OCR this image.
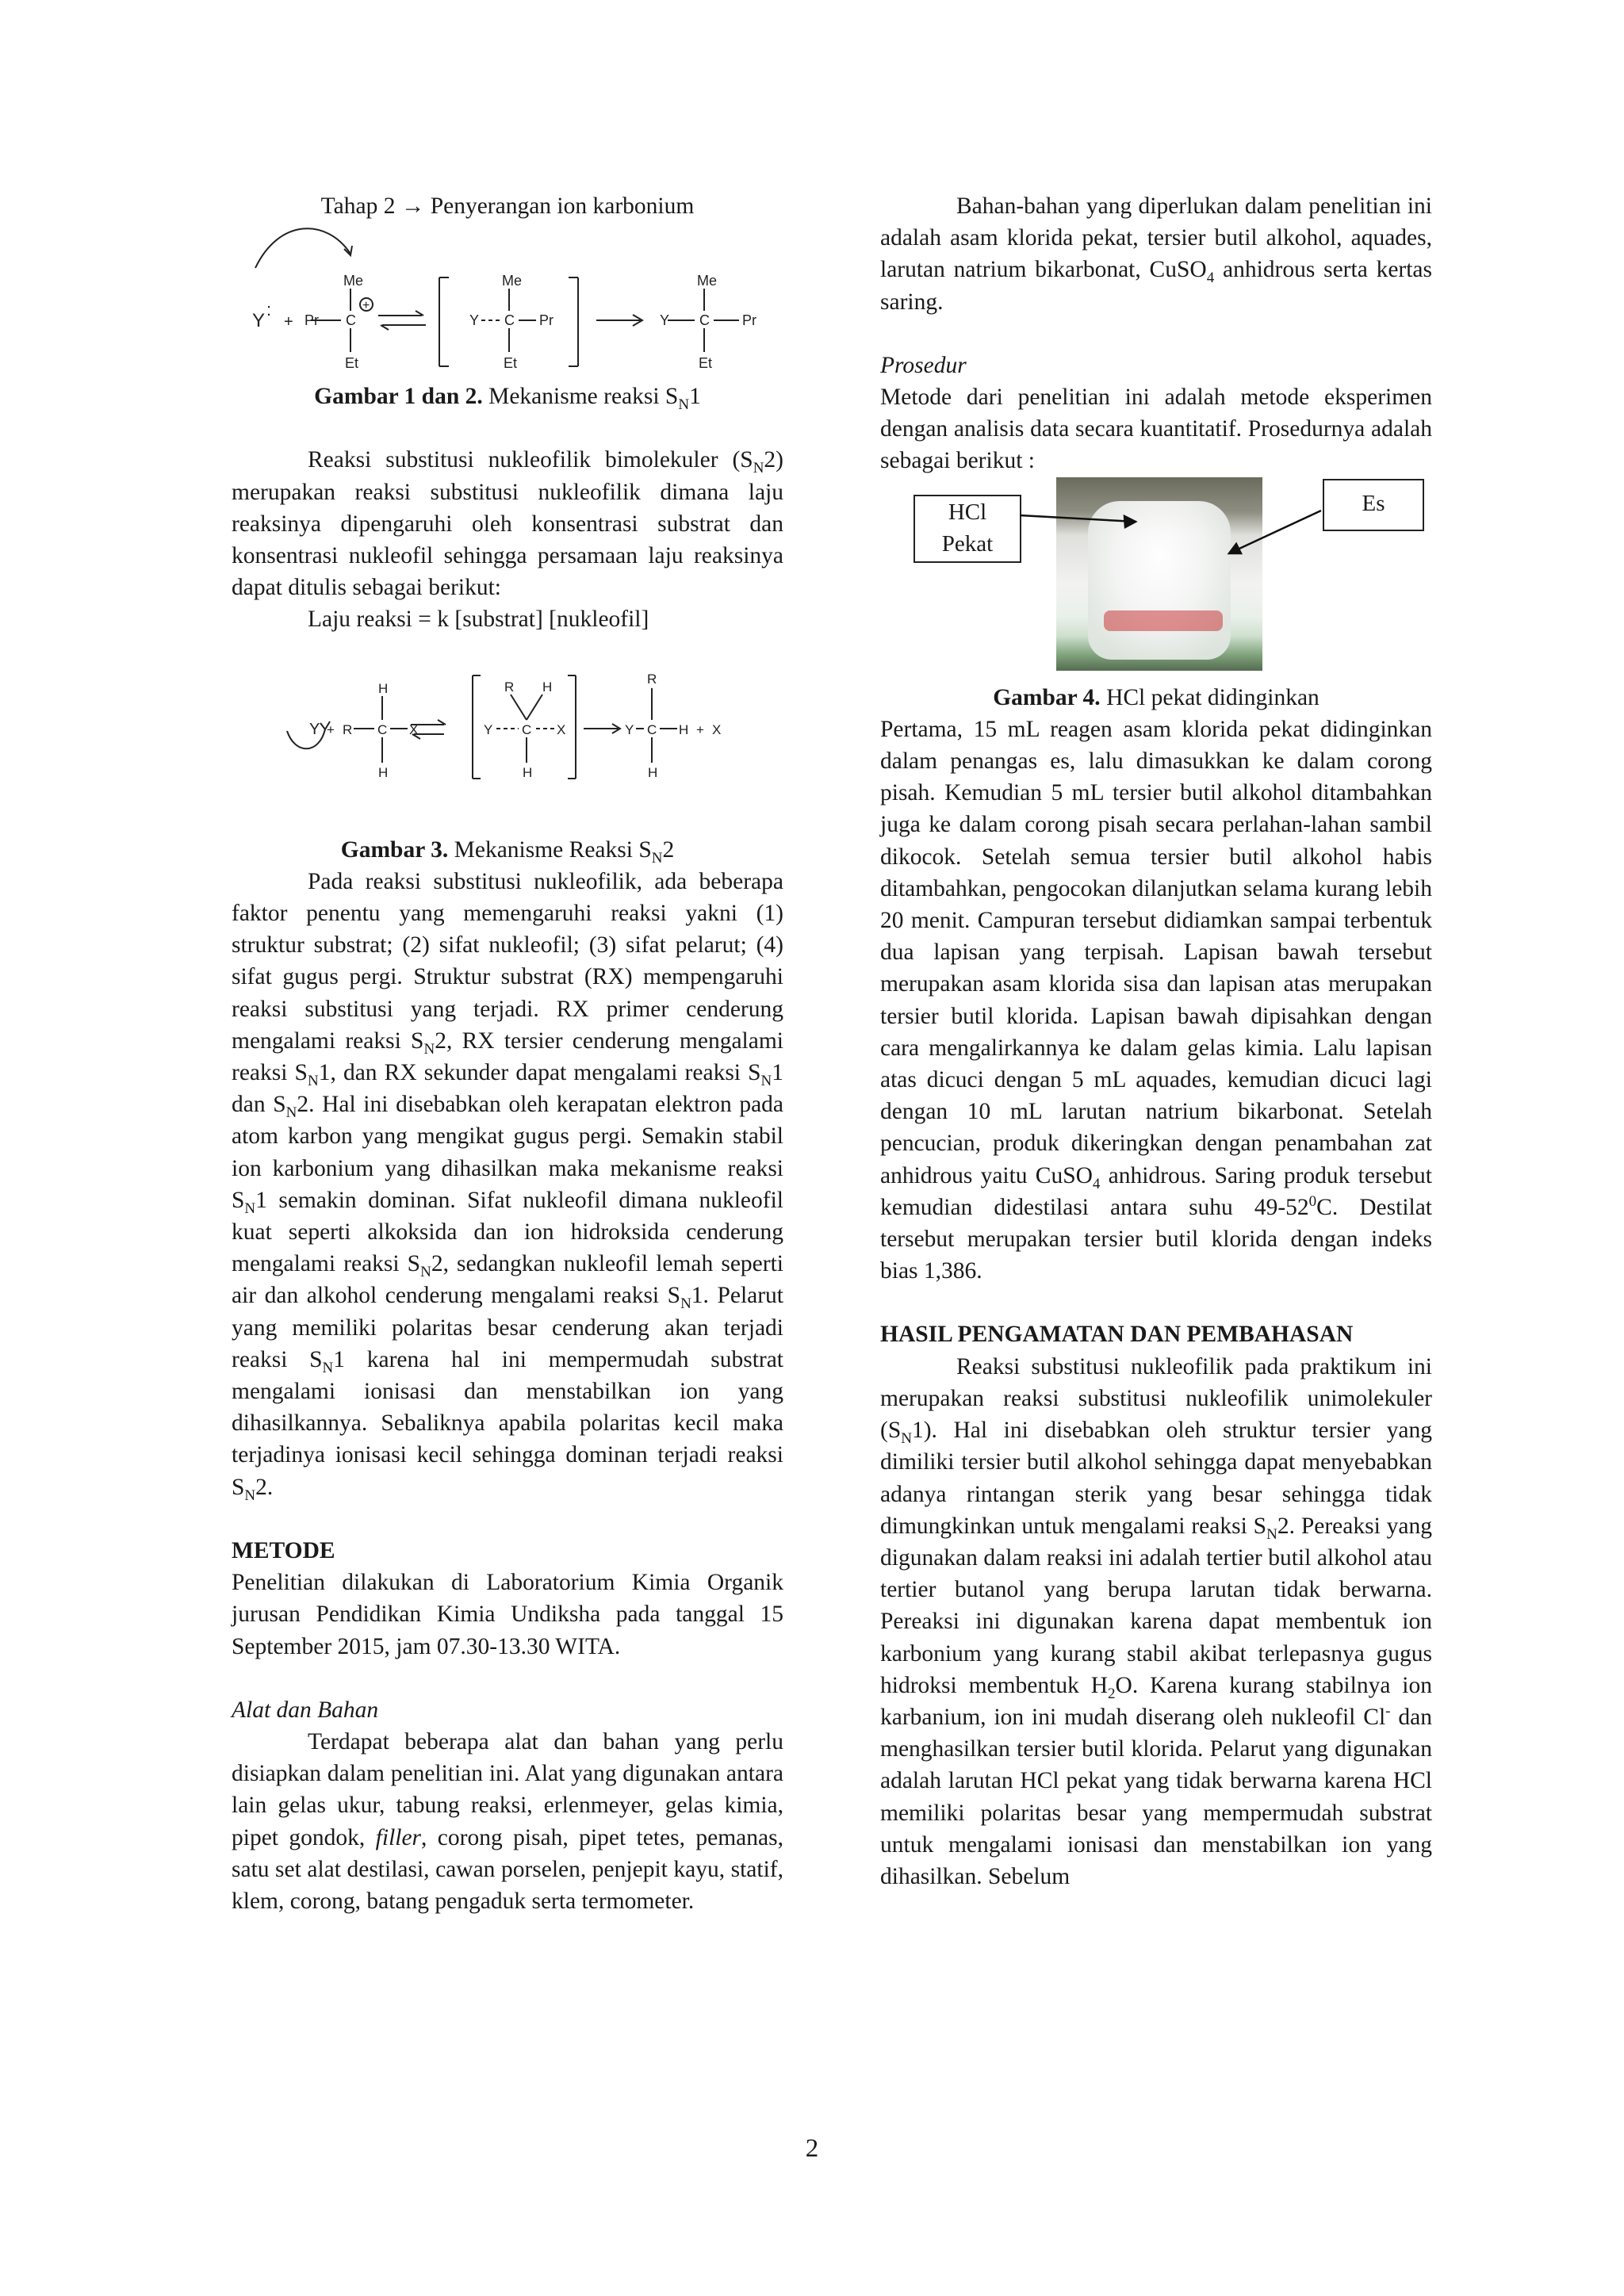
Tahap 2 → Penyerangan ion karbonium

Y
:
+ Pr C
Me
Et
+
Y C
Me
Et
Pr	Y C
Me
Et
Pr

Gambar 1 dan 2. Mekanisme reaksi $S_N1$

Reaksi substitusi nukleofilik bimolekuler $(S_N2)$ merupakan reaksi substitusi nukleofilik dimana laju reaksinya dipengaruhi oleh konsentrasi substrat dan konsentrasi nukleofil sehingga persamaan laju reaksinya dapat ditulis sebagai berikut:

Laju reaksi = k [substrat] [nukleofil]

Y + R C
H
H
X	Y C
R H
H
X	Y C
R
H
H + X

Gambar 3. Mekanisme Reaksi $S_N2$

Pada reaksi substitusi nukleofilik, ada beberapa faktor penentu yang memengaruhi reaksi yakni (1) struktur substrat; (2) sifat nukleofil; (3) sifat pelarut; (4) sifat gugus pergi. Struktur substrat (RX) mempengaruhi reaksi substitusi yang terjadi. RX primer cenderung mengalami reaksi $S_N2$, RX tersier cenderung mengalami reaksi $S_N1$, dan RX sekunder dapat mengalami reaksi $S_N1$ dan $S_N2$. Hal ini disebabkan oleh kerapatan elektron pada atom karbon yang mengikat gugus pergi. Semakin stabil ion karbonium yang dihasilkan maka mekanisme reaksi $S_N1$ semakin dominan. Sifat nukleofil dimana nukleofil kuat seperti alkoksida dan ion hidroksida cenderung mengalami reaksi $S_N2$, sedangkan nukleofil lemah seperti air dan alkohol cenderung mengalami reaksi $S_N1$. Pelarut yang memiliki polaritas besar cenderung akan terjadi reaksi $S_N1$ karena hal ini mempermudah substrat mengalami ionisasi dan menstabilkan ion yang dihasilkannya. Sebaliknya apabila polaritas kecil maka terjadinya ionisasi kecil sehingga dominan terjadi reaksi $S_N2$.

METODE

Penelitian dilakukan di Laboratorium Kimia Organik jurusan Pendidikan Kimia Undiksha pada tanggal 15 September 2015, jam 07.30-13.30 WITA.

Alat dan Bahan

Terdapat beberapa alat dan bahan yang perlu disiapkan dalam penelitian ini. Alat yang digunakan antara lain gelas ukur, tabung reaksi, erlenmeyer, gelas kimia, pipet gondok, filler, corong pisah, pipet tetes, pemanas, satu set alat destilasi, cawan porselen, penjepit kayu, statif, klem, corong, batang pengaduk serta termometer.

Bahan-bahan yang diperlukan dalam penelitian ini adalah asam klorida pekat, tersier butil alkohol, aquades, larutan natrium bikarbonat, CuSO$_4$ anhidrous serta kertas saring.

Prosedur

Metode dari penelitian ini adalah metode eksperimen dengan analisis data secara kuantitatif. Prosedurnya adalah sebagai berikut :

HCl
Pekat
Es

Gambar 4. HCl pekat didinginkan

Pertama, 15 mL reagen asam klorida pekat didinginkan dalam penangas es, lalu dimasukkan ke dalam corong pisah. Kemudian 5 mL tersier butil alkohol ditambahkan juga ke dalam corong pisah secara perlahan-lahan sambil dikocok. Setelah semua tersier butil alkohol habis ditambahkan, pengocokan dilanjutkan selama kurang lebih 20 menit. Campuran tersebut didiamkan sampai terbentuk dua lapisan yang terpisah. Lapisan bawah tersebut merupakan asam klorida sisa dan lapisan atas merupakan tersier butil klorida. Lapisan bawah dipisahkan dengan cara mengalirkannya ke dalam gelas kimia. Lalu lapisan atas dicuci dengan 5 mL aquades, kemudian dicuci lagi dengan 10 mL larutan natrium bikarbonat. Setelah pencucian, produk dikeringkan dengan penambahan zat anhidrous yaitu CuSO$_4$ anhidrous. Saring produk tersebut kemudian didestilasi antara suhu $49-52^0C$. Destilat tersebut merupakan tersier butil klorida dengan indeks bias 1,386.

HASIL PENGAMATAN DAN PEMBAHASAN

Reaksi substitusi nukleofilik pada praktikum ini merupakan reaksi substitusi nukleofilik unimolekuler $(S_N1)$. Hal ini disebabkan oleh struktur tersier yang dimiliki tersier butil alkohol sehingga dapat menyebabkan adanya rintangan sterik yang besar sehingga tidak dimungkinkan untuk mengalami reaksi $S_N2$. Pereaksi yang digunakan dalam reaksi ini adalah tertier butil alkohol atau tertier butanol yang berupa larutan tidak berwarna. Pereaksi ini digunakan karena dapat membentuk ion karbonium yang kurang stabil akibat terlepasnya gugus hidroksi membentuk $H_2O$. Karena kurang stabilnya ion karbanium, ion ini mudah diserang oleh nukleofil Cl- dan menghasilkan tersier butil klorida. Pelarut yang digunakan adalah larutan HCl pekat yang tidak berwarna karena HCl memiliki polaritas besar yang mempermudah substrat untuk mengalami ionisasi dan menstabilkan ion yang dihasilkan. Sebelum

2
